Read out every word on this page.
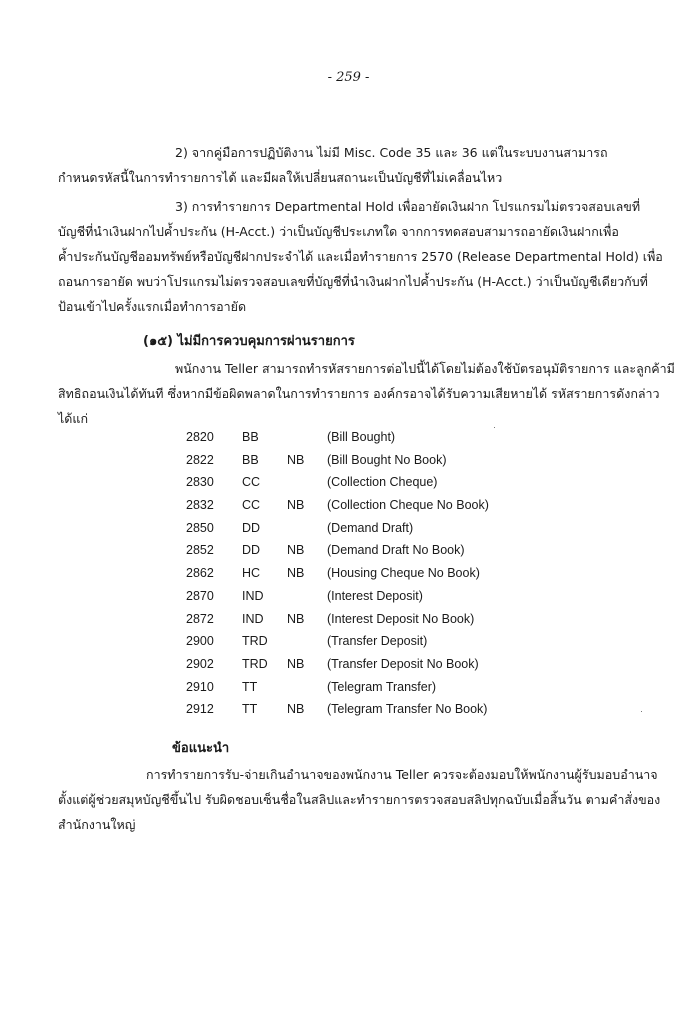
- 259 -
2) จากคู่มือการปฏิบัติงาน ไม่มี Misc. Code 35 และ 36 แต่ในระบบงานสามารถ
กำหนดรหัสนี้ในการทำรายการได้ และมีผลให้เปลี่ยนสถานะเป็นบัญชีที่ไม่เคลื่อนไหว
3) การทำรายการ Departmental Hold เพื่ออายัดเงินฝาก โปรแกรมไม่ตรวจสอบเลขที่
บัญชีที่นำเงินฝากไปค้ำประกัน (H-Acct.) ว่าเป็นบัญชีประเภทใด จากการทดสอบสามารถอายัดเงินฝากเพื่อ
ค้ำประกันบัญชีออมทรัพย์หรือบัญชีฝากประจำได้ และเมื่อทำรายการ 2570 (Release Departmental Hold) เพื่อ
ถอนการอายัด พบว่าโปรแกรมไม่ตรวจสอบเลขที่บัญชีที่นำเงินฝากไปค้ำประกัน (H-Acct.) ว่าเป็นบัญชีเดียวกับที่
ป้อนเข้าไปครั้งแรกเมื่อทำการอายัด
(๑๕) ไม่มีการควบคุมการผ่านรายการ
พนักงาน Teller สามารถทำรหัสรายการต่อไปนี้ได้โดยไม่ต้องใช้บัตรอนุมัติรายการ และลูกค้ามี
สิทธิถอนเงินได้ทันที ซึ่งหากมีข้อผิดพลาดในการทำรายการ องค์กรอาจได้รับความเสียหายได้ รหัสรายการดังกล่าว
ได้แก่
2820 BB	(Bill Bought)
2822 BB NB (Bill Bought No Book)
2830 CC	(Collection Cheque)
2832 CC NB (Collection Cheque No Book)
2850 DD	(Demand Draft)
2852 DD NB (Demand Draft No Book)
2862 HC NB (Housing Cheque No Book)
2870 IND	(Interest Deposit)
2872 IND NB (Interest Deposit No Book)
2900 TRD	(Transfer Deposit)
2902 TRD NB (Transfer Deposit No Book)
2910 TT	(Telegram Transfer)
2912 TT NB (Telegram Transfer No Book)
ข้อแนะนำ
การทำรายการรับ-จ่ายเกินอำนาจของพนักงาน Teller ควรจะต้องมอบให้พนักงานผู้รับมอบอำนาจ
ตั้งแต่ผู้ช่วยสมุหบัญชีขึ้นไป รับผิดชอบเซ็นชื่อในสลิปและทำรายการตรวจสอบสลิปทุกฉบับเมื่อสิ้นวัน ตามคำสั่งของ
สำนักงานใหญ่
